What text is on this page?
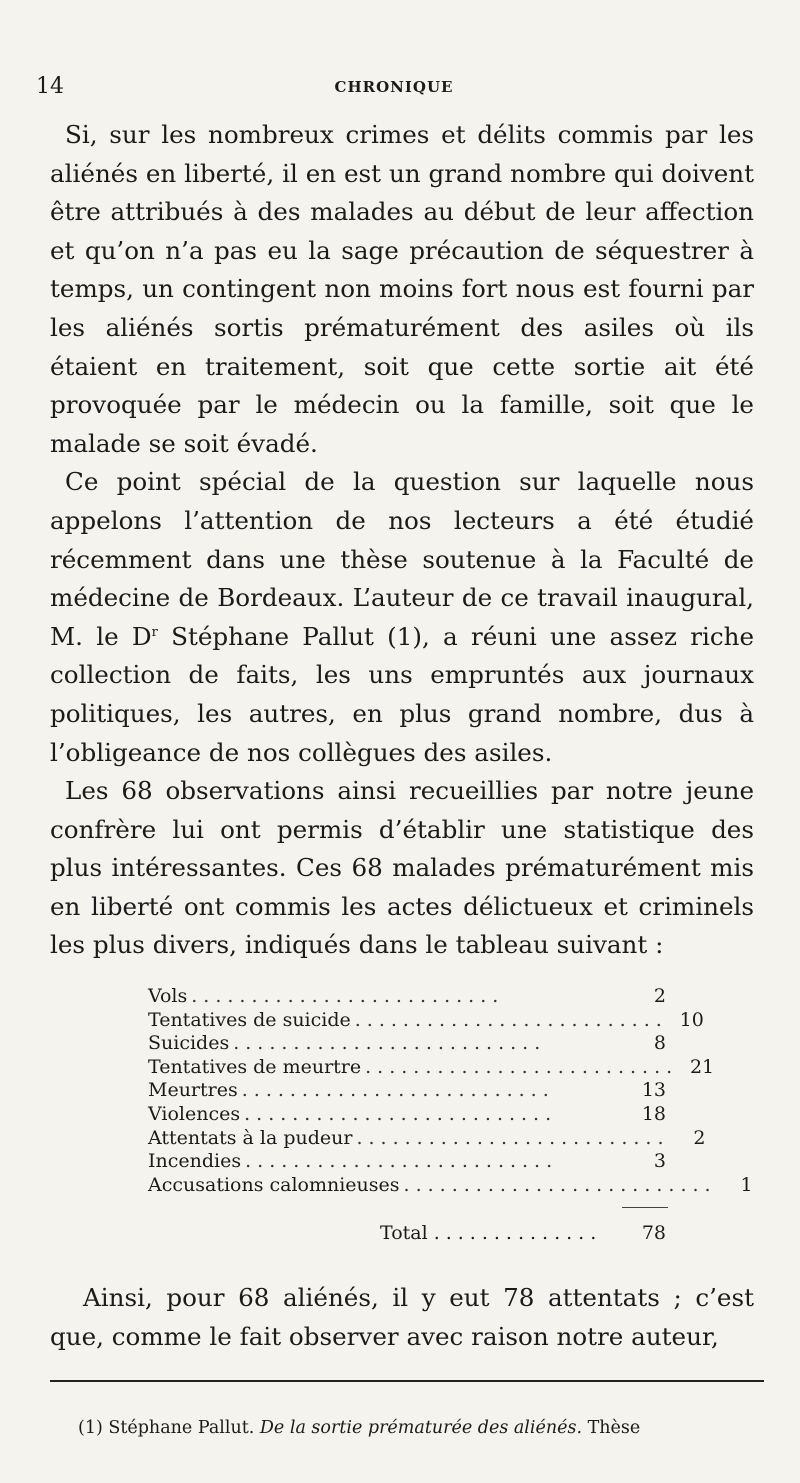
14	CHRONIQUE

Si, sur les nombreux crimes et délits commis par les aliénés en liberté, il en est un grand nombre qui doivent être attribués à des malades au début de leur affection et qu’on n’a pas eu la sage précaution de séquestrer à temps, un contingent non moins fort nous est fourni par les aliénés sortis prématurément des asiles où ils étaient en traitement, soit que cette sortie ait été provoquée par le médecin ou la famille, soit que le malade se soit évadé.

Ce point spécial de la question sur laquelle nous appelons l’attention de nos lecteurs a été étudié récemment dans une thèse soutenue à la Faculté de médecine de Bordeaux. L’auteur de ce travail inaugural, M. le $D^r$ Stéphane Pallut (1), a réuni une assez riche collection de faits, les uns empruntés aux journaux politiques, les autres, en plus grand nombre, dus à l’obligeance de nos collègues des asiles.

Les 68 observations ainsi recueillies par notre jeune confrère lui ont permis d’établir une statistique des plus intéressantes. Ces 68 malades prématurément mis en liberté ont commis les actes délictueux et criminels les plus divers, indiqués dans le tableau suivant :

Vols ..........................	2
Tentatives de suicide .......................... 10
Suicides ..........................	8
Tentatives de meurtre .......................... 21
Meurtres ..........................	13
Violences ..........................	18
Attentats à la pudeur ..........................	2
Incendies ..........................	3
Accusations calomnieuses ..........................	1
Total ..............	78

Ainsi, pour 68 aliénés, il y eut 78 attentats ; c’est que, comme le fait observer avec raison notre auteur,

(1) Stéphane Pallut. De la sortie prématurée des aliénés. Thèse
